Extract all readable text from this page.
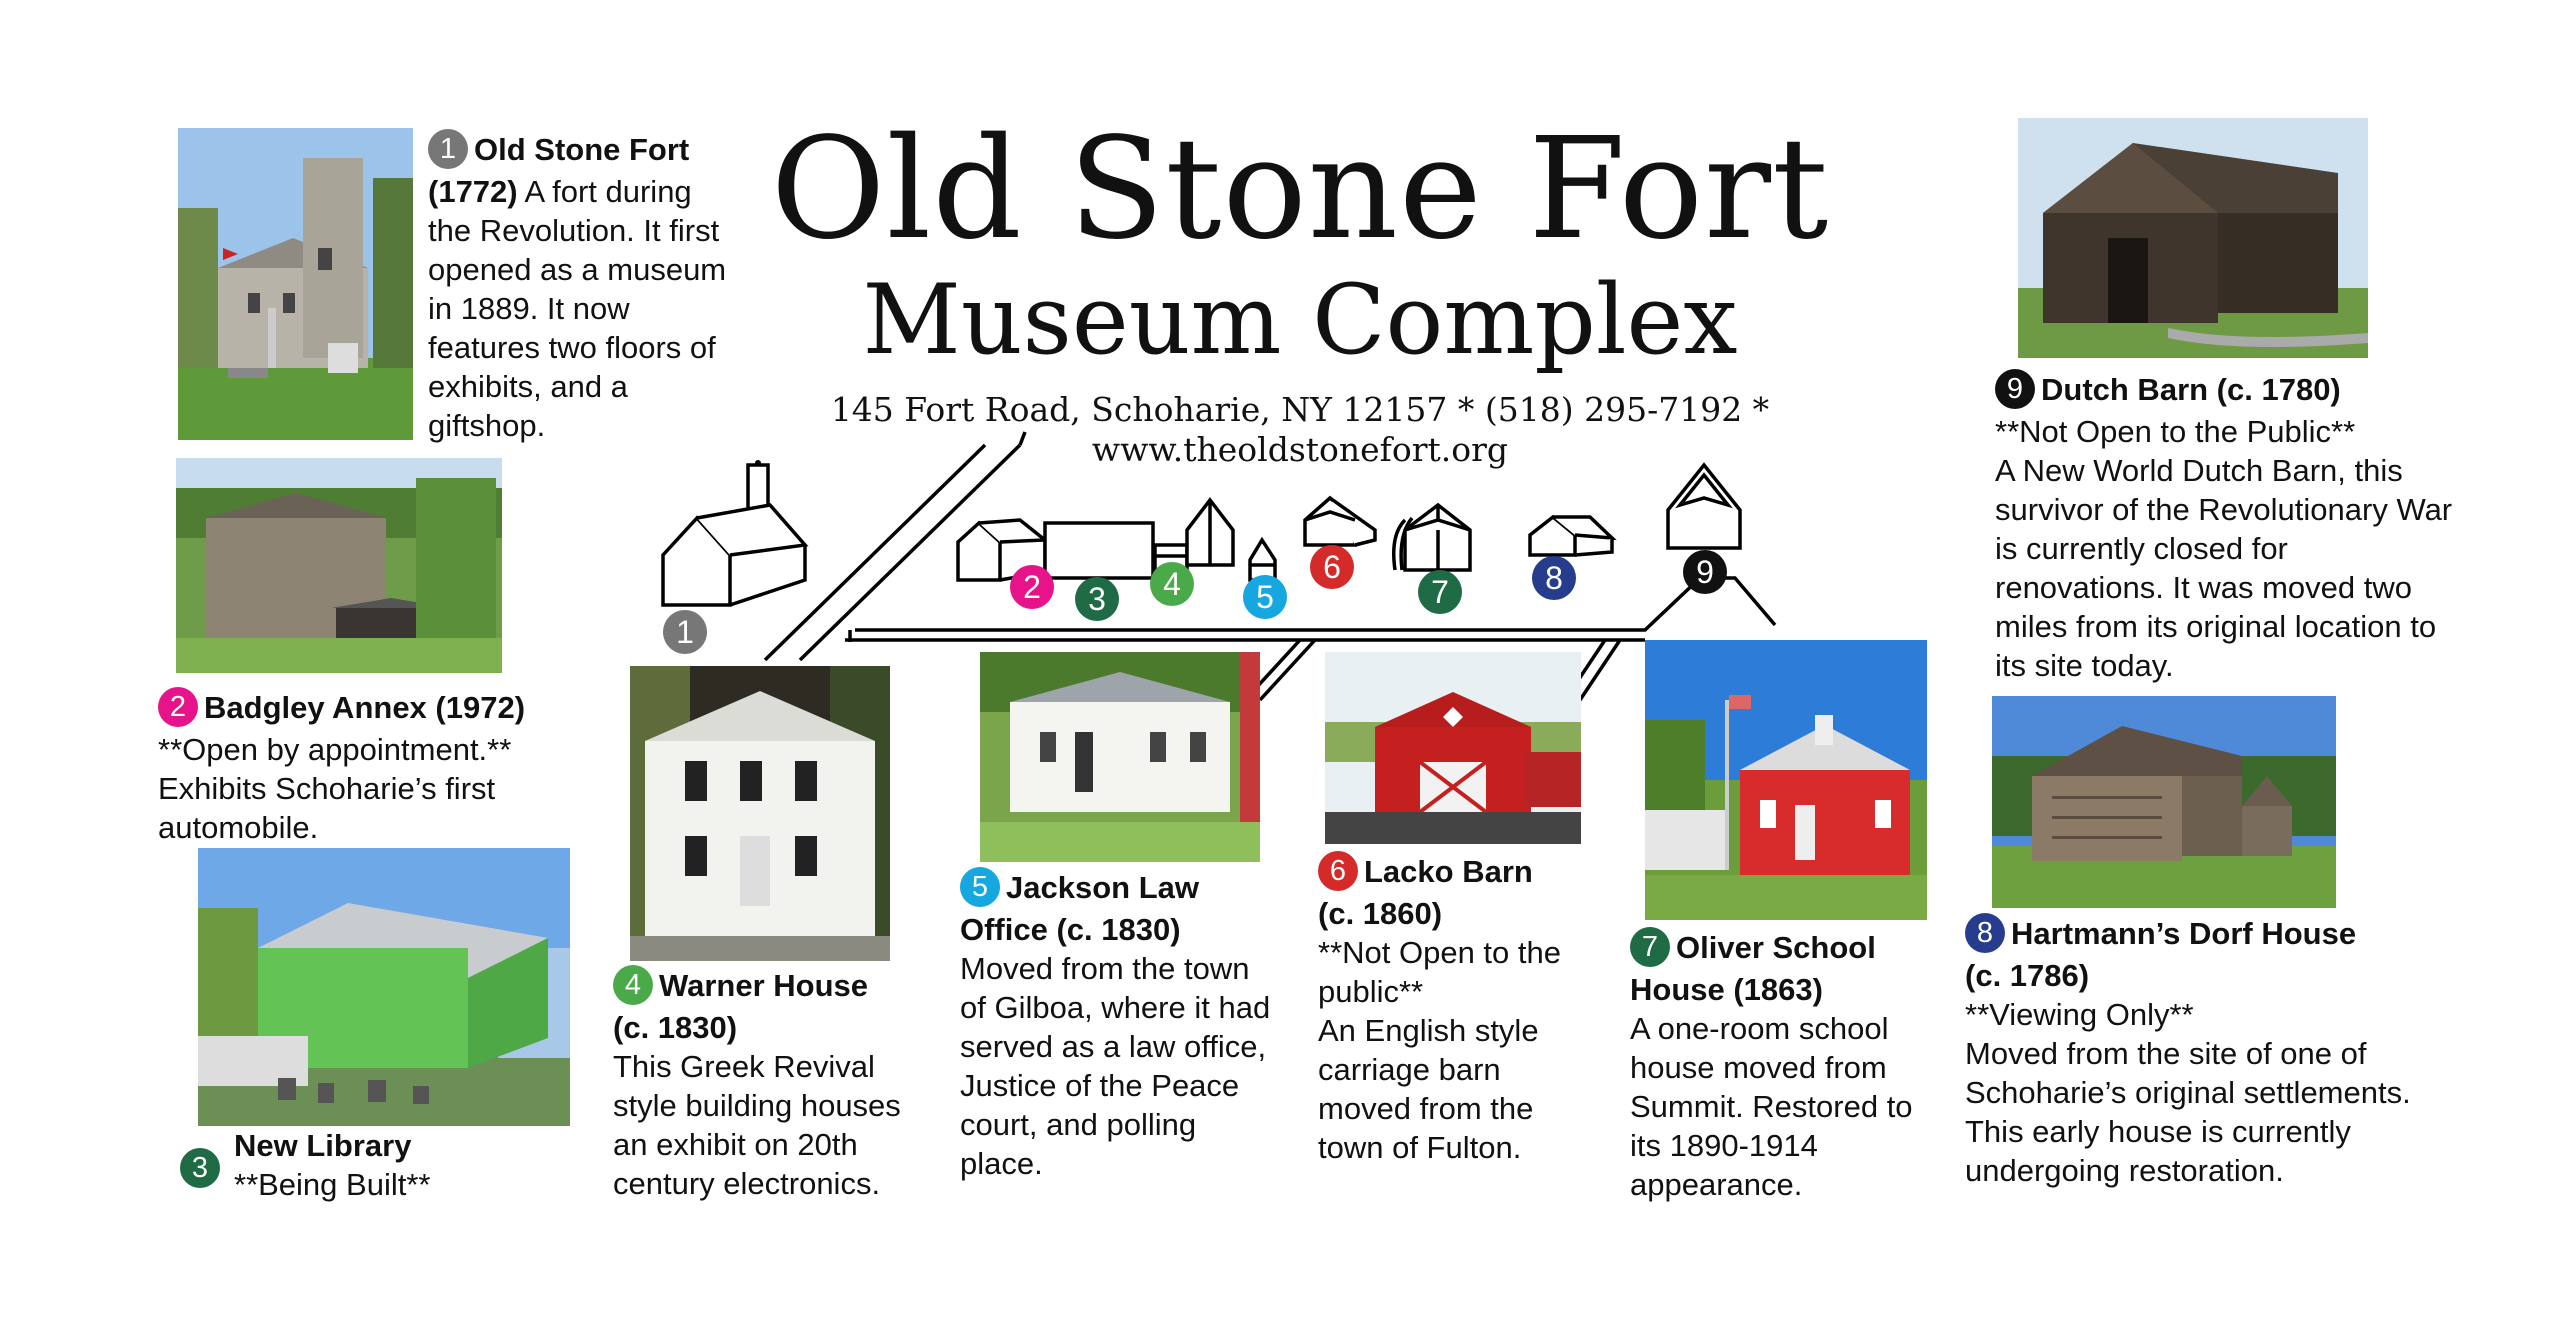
Old Stone Fort
Museum Complex
145 Fort Road, Schoharie, NY 12157 * (518) 295-7192 * www.theoldstonefort.org
1
2	3	4	5
6
7	8	9
1 Old Stone Fort
(1772) A fort during the Revolution. It first opened as a museum in 1889. It now features two floors of exhibits, and a giftshop.
2 Badgley Annex (1972)
**Open by appointment.**
Exhibits Schoharie’s first automobile.
3
New Library
**Being Built**
4 Warner House
(c. 1830)
This Greek Revival style building houses an exhibit on 20th century electronics.
5 Jackson Law
Office (c. 1830)
Moved from the town of Gilboa, where it had served as a law office, Justice of the Peace court, and polling place.
6 Lacko Barn
(c. 1860)
**Not Open to the public**
An English style carriage barn moved from the town of Fulton.
7 Oliver School
House (1863)
A one-room school house moved from Summit. Restored to its 1890-1914 appearance.
8 Hartmann’s Dorf House
(c. 1786)
**Viewing Only**
Moved from the site of one of Schoharie’s original settlements. This early house is currently undergoing restoration.
9 Dutch Barn (c. 1780)
**Not Open to the Public**
A New World Dutch Barn, this survivor of the Revolutionary War is currently closed for renovations. It was moved two miles from its original location to its site today.
